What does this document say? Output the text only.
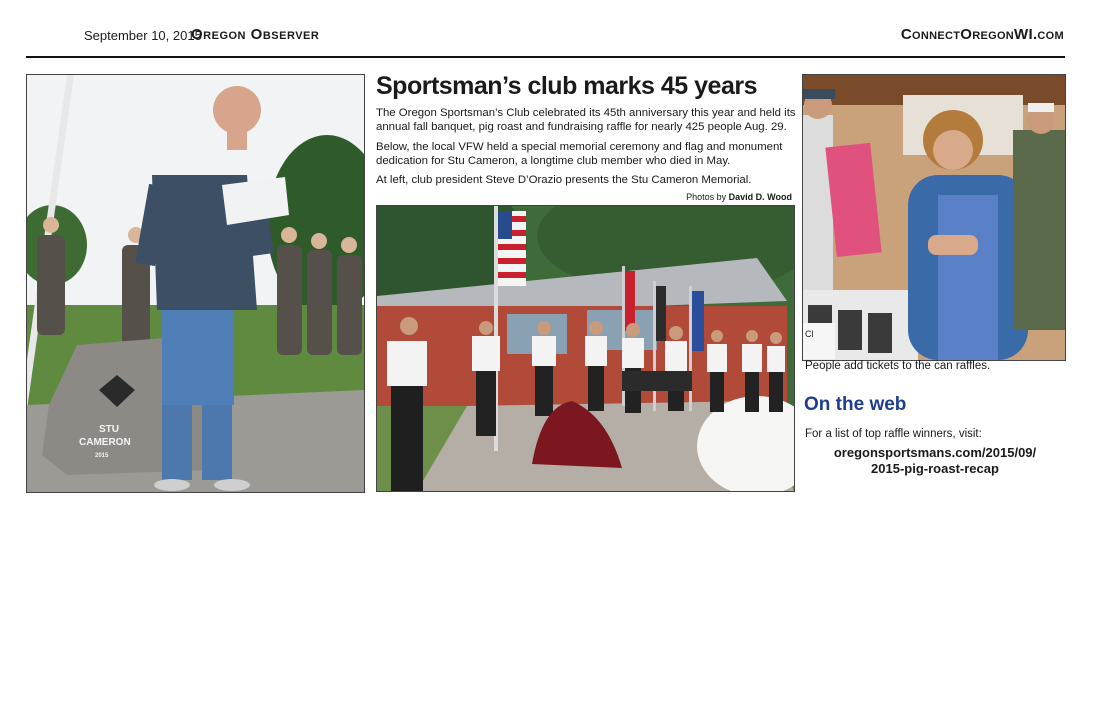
September 10, 2015
Oregon Observer	ConnectOregonWI.com
STU
CAMERON
2015
Sportsman’s club marks 45 years
The Oregon Sportsman’s Club celebrated its 45th anniversary this year and held its annual fall banquet, pig roast and fundraising raffle for nearly 425 people Aug. 29.
Below, the local VFW held a special memorial ceremony and flag and monument dedication for Stu Cameron, a longtime club member who died in May.
At left, club president Steve D’Orazio presents the Stu Cameron Memorial.
Photos by David D. Wood
Cl
People add tickets to the can raffles.
On the web
For a list of top raffle winners, visit:
oregonsportsmans.com/2015/09/
2015-pig-roast-recap
